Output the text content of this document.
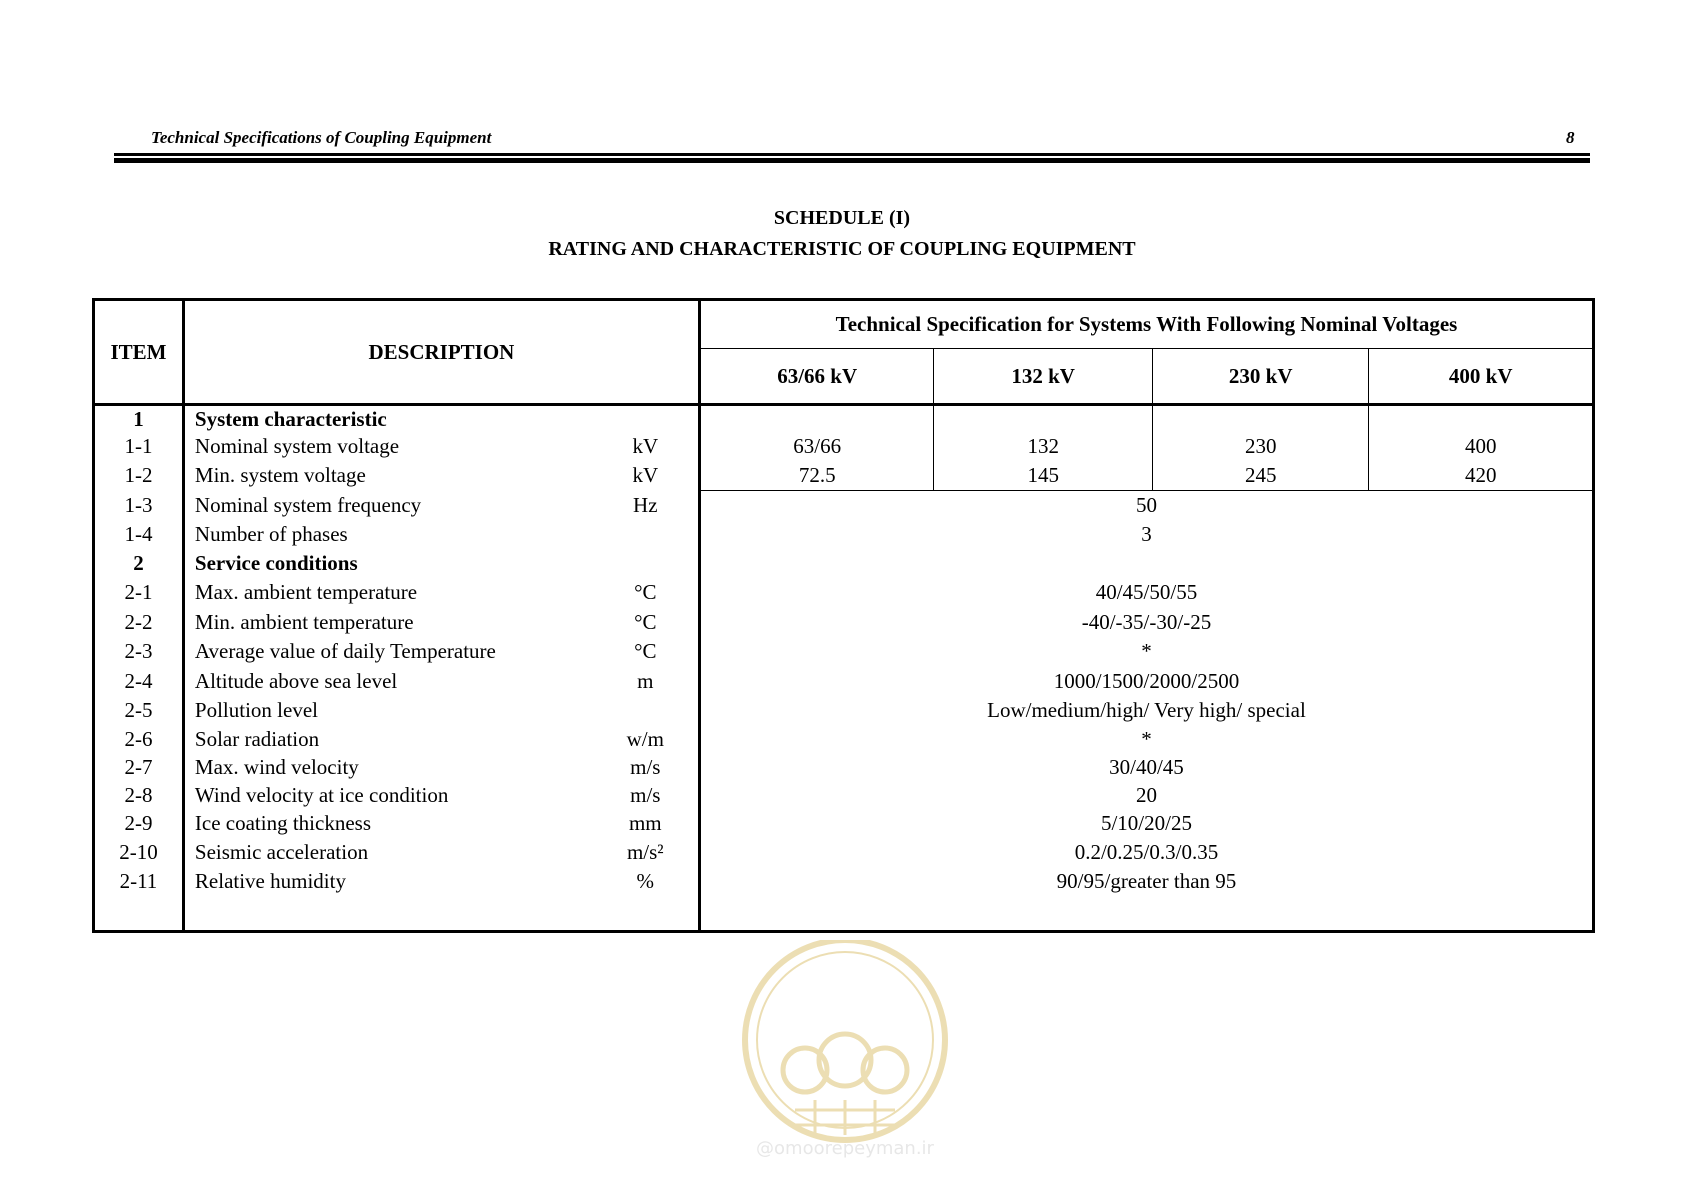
Technical Specifications of Coupling Equipment	8
SCHEDULE (I)
RATING AND CHARACTERISTIC OF COUPLING EQUIPMENT
ITEM	DESCRIPTION		Technical Specification for Systems With Following Nominal Voltages			
			63/66 kV	132 kV	230 kV	400 kV
1	System characteristic					
1-1	Nominal system voltage	kV	63/66	132	230	400
1-2	Min. system voltage	kV	72.5	145	245	420
1-3	Nominal system frequency	Hz	50			
1-4	Number of phases		3			
2	Service conditions					
2-1	Max. ambient temperature	°C	40/45/50/55			
2-2	Min. ambient temperature	°C	-40/-35/-30/-25			
2-3	Average value of daily Temperature	°C	*			
2-4	Altitude above sea level	m	1000/1500/2000/2500			
2-5	Pollution level		Low/medium/high/ Very high/ special			
2-6	Solar radiation	w/m	*			
2-7	Max. wind velocity	m/s	30/40/45			
2-8	Wind velocity at ice condition	m/s	20			
2-9	Ice coating thickness	mm	5/10/20/25			
2-10	Seismic acceleration	m/s²	0.2/0.25/0.3/0.35			
2-11	Relative humidity	%	90/95/greater than 95			

@omoorepeyman.ir
